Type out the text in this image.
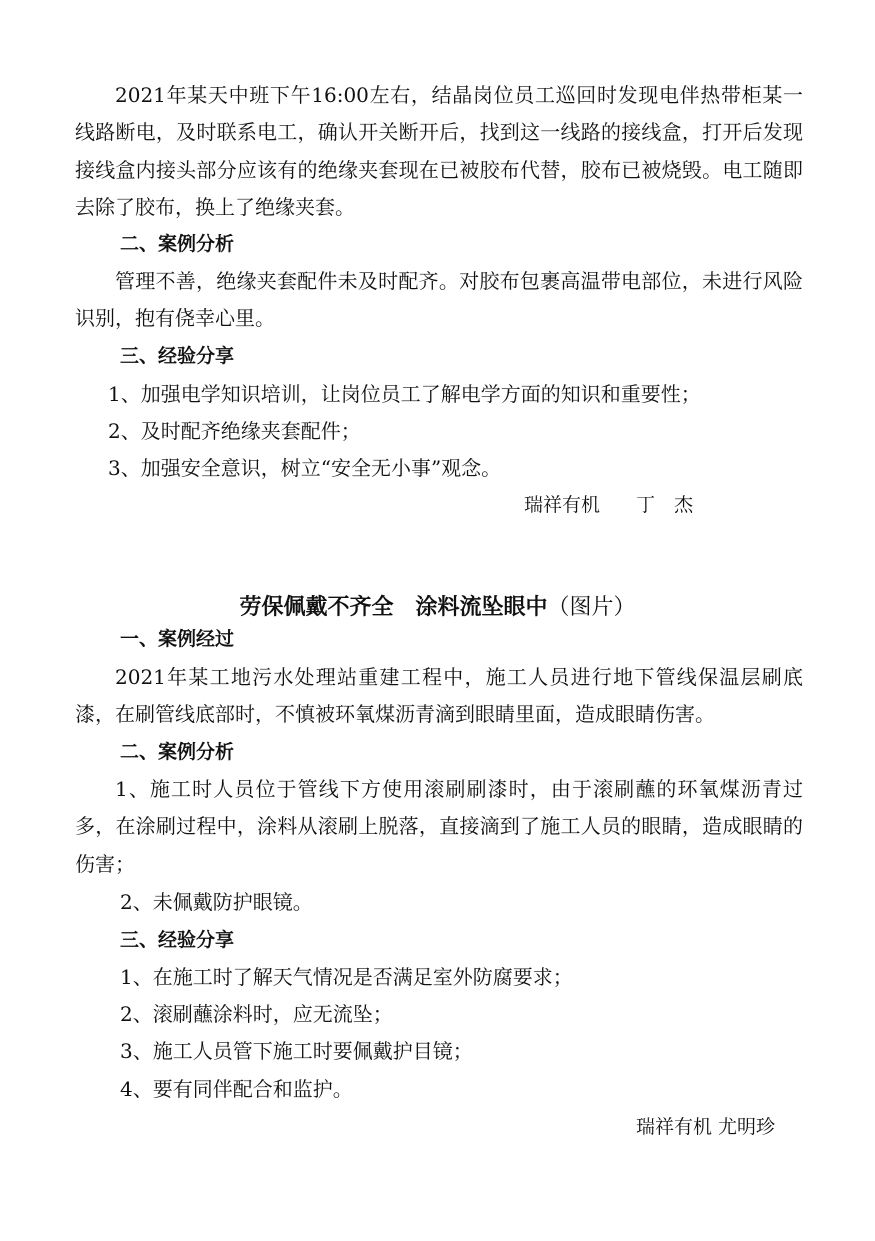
2021年某天中班下午16:00左右，结晶岗位员工巡回时发现电伴热带柜某一线路断电，及时联系电工，确认开关断开后，找到这一线路的接线盒，打开后发现接线盒内接头部分应该有的绝缘夹套现在已被胶布代替，胶布已被烧毁。电工随即去除了胶布，换上了绝缘夹套。

二、案例分析

管理不善，绝缘夹套配件未及时配齐。对胶布包裹高温带电部位，未进行风险识别，抱有侥幸心里。

三、经验分享

1、加强电学知识培训，让岗位员工了解电学方面的知识和重要性；

2、及时配齐绝缘夹套配件；

3、加强安全意识，树立“安全无小事”观念。

瑞祥有机 丁　杰

劳保佩戴不齐全　涂料流坠眼中（图片）

一、案例经过

2021年某工地污水处理站重建工程中，施工人员进行地下管线保温层刷底漆，在刷管线底部时，不慎被环氧煤沥青滴到眼睛里面，造成眼睛伤害。

二、案例分析

1、施工时人员位于管线下方使用滚刷刷漆时，由于滚刷蘸的环氧煤沥青过多，在涂刷过程中，涂料从滚刷上脱落，直接滴到了施工人员的眼睛，造成眼睛的伤害；

2、未佩戴防护眼镜。

三、经验分享

1、在施工时了解天气情况是否满足室外防腐要求；

2、滚刷蘸涂料时，应无流坠；

3、施工人员管下施工时要佩戴护目镜；

4、要有同伴配合和监护。

瑞祥有机 尤明珍
